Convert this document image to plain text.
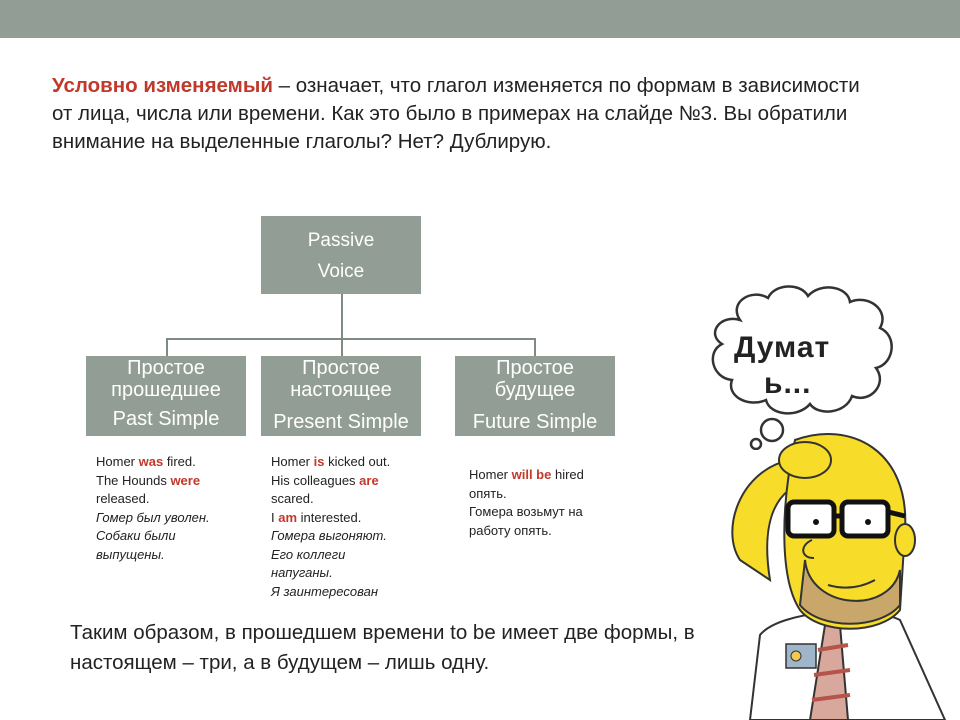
Условно изменяемый – означает, что глагол изменяется по формам в зависимости от лица, числа или времени. Как это было в примерах на слайде №3. Вы обратили внимание на выделенные глаголы? Нет? Дублирую.

Passive
Voice
Простое прошедшее
Past Simple
Простое настоящее
Present Simple
Простое будущее
Future Simple
Homer was fired.
The Hounds were
released.
Гомер был уволен.
Собаки были
выпущены.
Homer is kicked out.
His colleagues are
scared.
I am interested.
Гомера выгоняют.
Его коллеги
напуганы.
Я заинтересован
Homer will be hired
опять.
Гомера возьмут на
работу опять.

Таким образом, в прошедшем времени to be имеет две формы, в настоящем – три, а в будущем – лишь одну.

Думат
ь...
